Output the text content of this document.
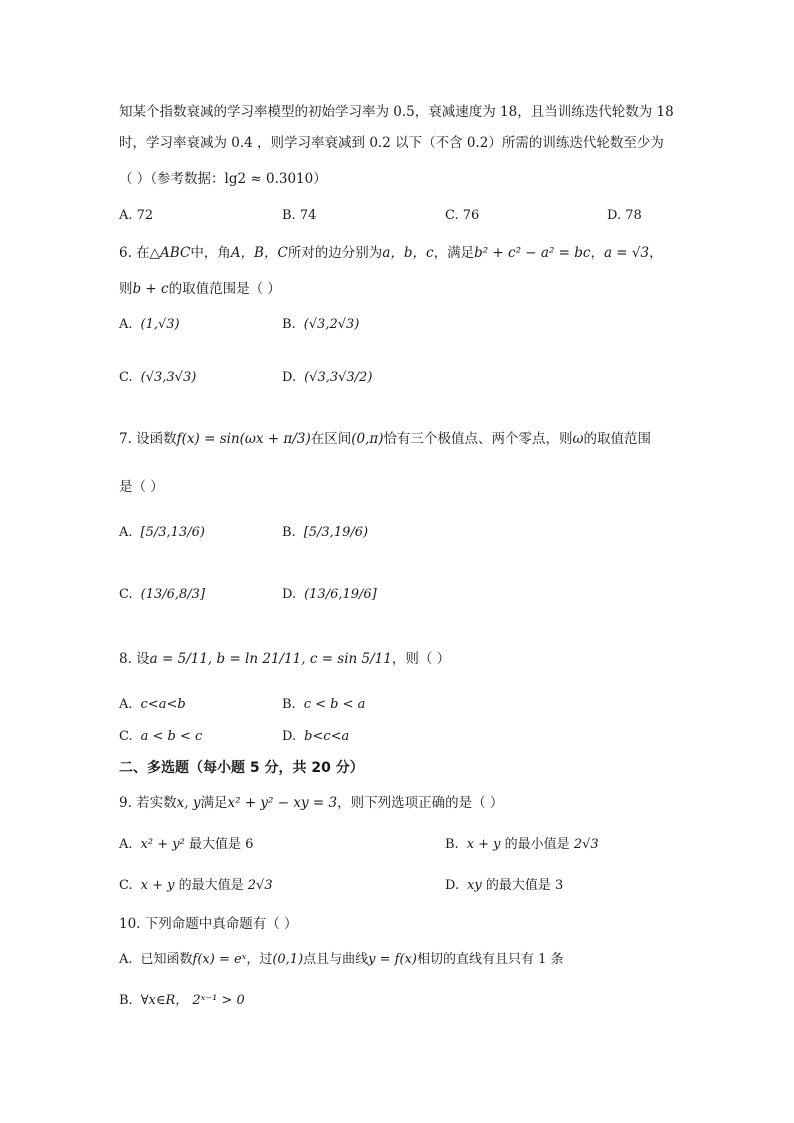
知某个指数衰减的学习率模型的初始学习率为 0.5，衰减速度为 18，且当训练迭代轮数为 18
时，学习率衰减为 0.4 ，则学习率衰减到 0.2 以下（不含 0.2）所需的训练迭代轮数至少为
（ ）（参考数据：lg2 ≈ 0.3010）
A. 72	B. 74	C. 76	D. 78
6. 在△ABC中，角A，B，C所对的边分别为a，b，c，满足b² + c² − a² = bc，a = √3，
则b + c的取值范围是（ ）
A. (1,√3)	B. (√3,2√3)
C. (√3,3√3)	D. (√3,3√3/2)
7. 设函数f(x) = sin(ωx + π/3)在区间(0,π)恰有三个极值点、两个零点，则ω的取值范围
是（ ）
A. [5/3,13/6)	B. [5/3,19/6)
C. (13/6,8/3]	D. (13/6,19/6]
8. 设a = 5/11, b = ln 21/11, c = sin 5/11，则（ ）
A. c<a<b	B. c < b < a
C. a < b < c	D. b<c<a
二、多选题（每小题 5 分，共 20 分）
9. 若实数x, y满足x² + y² − xy = 3，则下列选项正确的是（ ）
A. x² + y² 最大值是 6	B. x + y 的最小值是 2√3
C. x + y 的最大值是 2√3	D. xy 的最大值是 3
10. 下列命题中真命题有（ ）
A. 已知函数f(x) = eˣ，过(0,1)点且与曲线y = f(x)相切的直线有且只有 1 条
B. ∀x∈R， 2ˣ⁻¹ > 0
